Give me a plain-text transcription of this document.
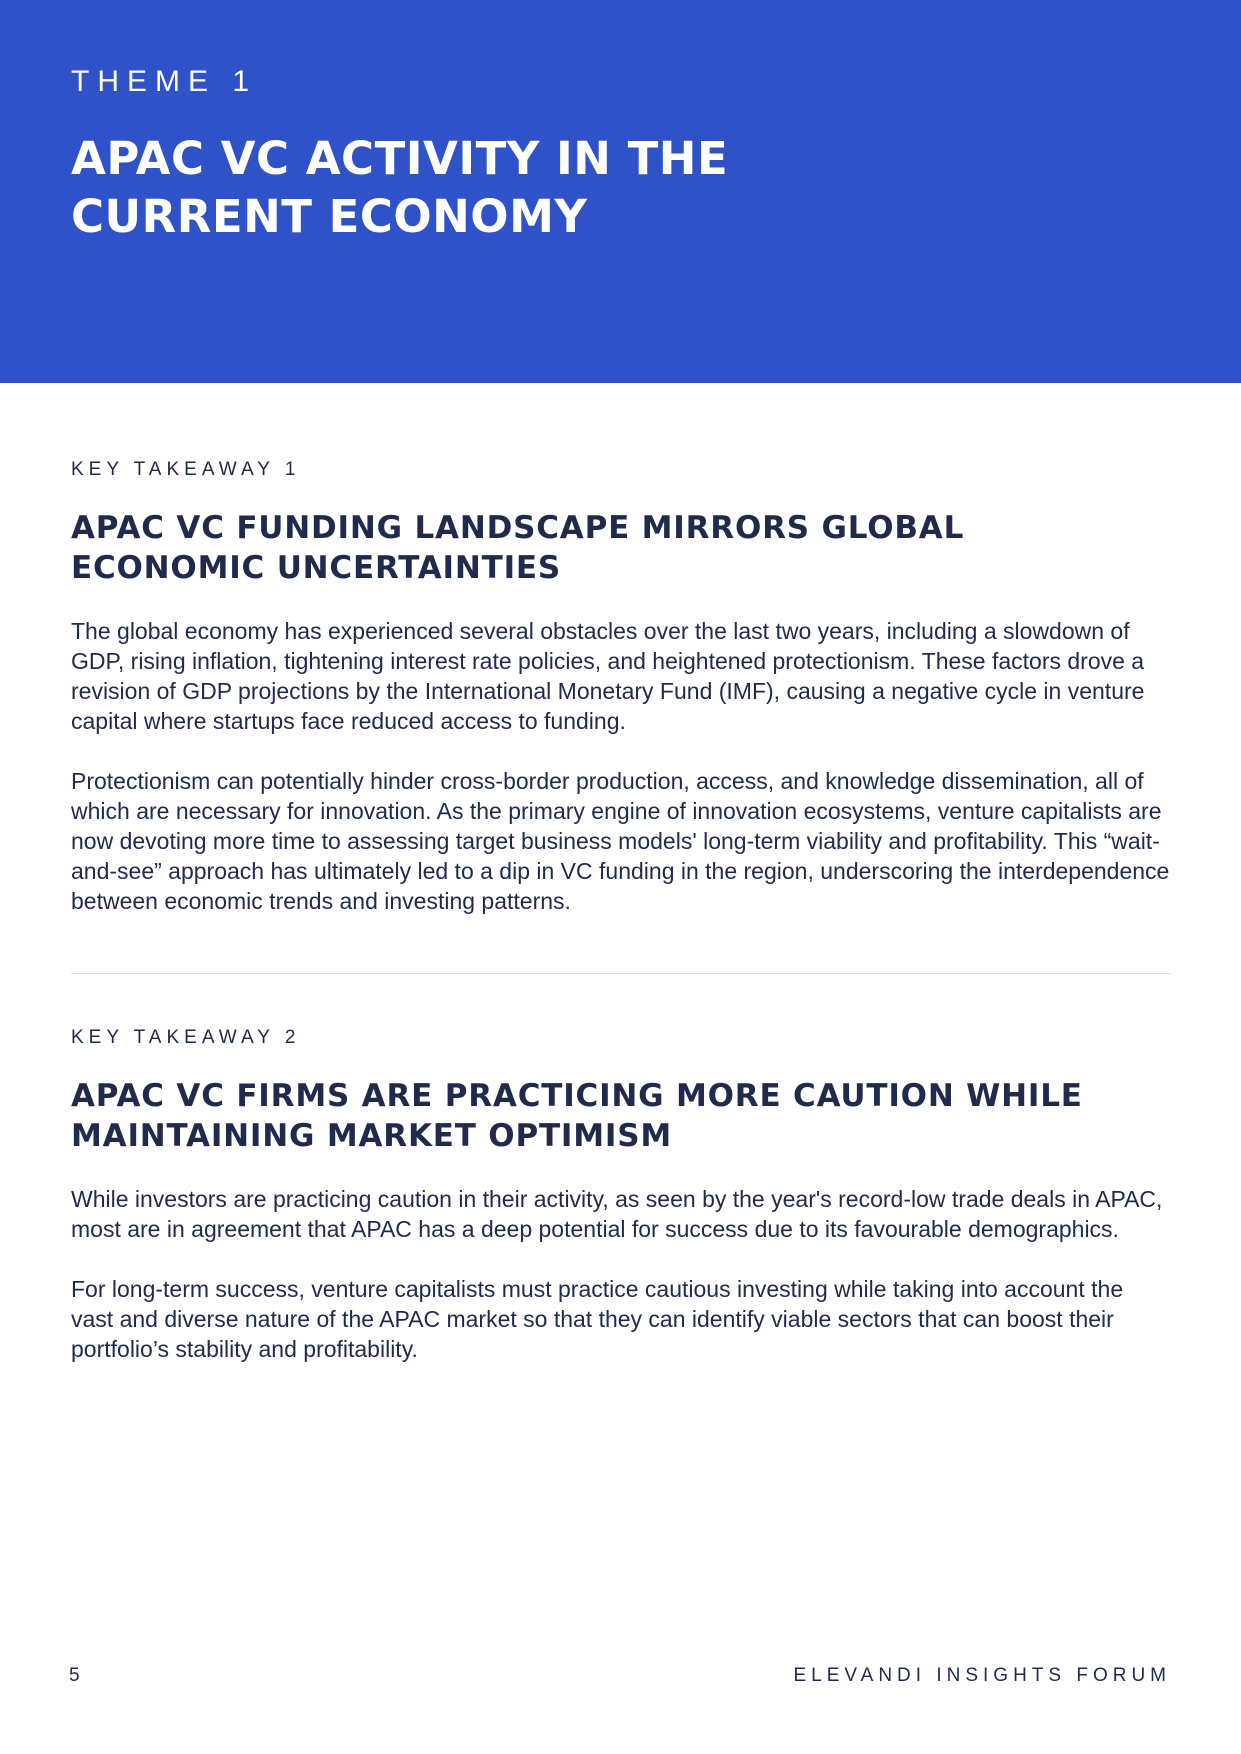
THEME 1

APAC VC ACTIVITY IN THE
CURRENT ECONOMY

KEY TAKEAWAY 1

APAC VC FUNDING LANDSCAPE MIRRORS GLOBAL
ECONOMIC UNCERTAINTIES

The global economy has experienced several obstacles over the last two years, including a slowdown of GDP, rising inflation, tightening interest rate policies, and heightened protectionism. These factors drove a revision of GDP projections by the International Monetary Fund (IMF), causing a negative cycle in venture capital where startups face reduced access to funding.

Protectionism can potentially hinder cross-border production, access, and knowledge dissemination, all of which are necessary for innovation. As the primary engine of innovation ecosystems, venture capitalists are now devoting more time to assessing target business models' long-term viability and profitability. This “wait-and-see” approach has ultimately led to a dip in VC funding in the region, underscoring the interdependence between economic trends and investing patterns.

KEY TAKEAWAY 2

APAC VC FIRMS ARE PRACTICING MORE CAUTION WHILE
MAINTAINING MARKET OPTIMISM

While investors are practicing caution in their activity, as seen by the year's record-low trade deals in APAC, most are in agreement that APAC has a deep potential for success due to its favourable demographics.

For long-term success, venture capitalists must practice cautious investing while taking into account the vast and diverse nature of the APAC market so that they can identify viable sectors that can boost their portfolio’s stability and profitability.

5	ELEVANDI INSIGHTS FORUM
